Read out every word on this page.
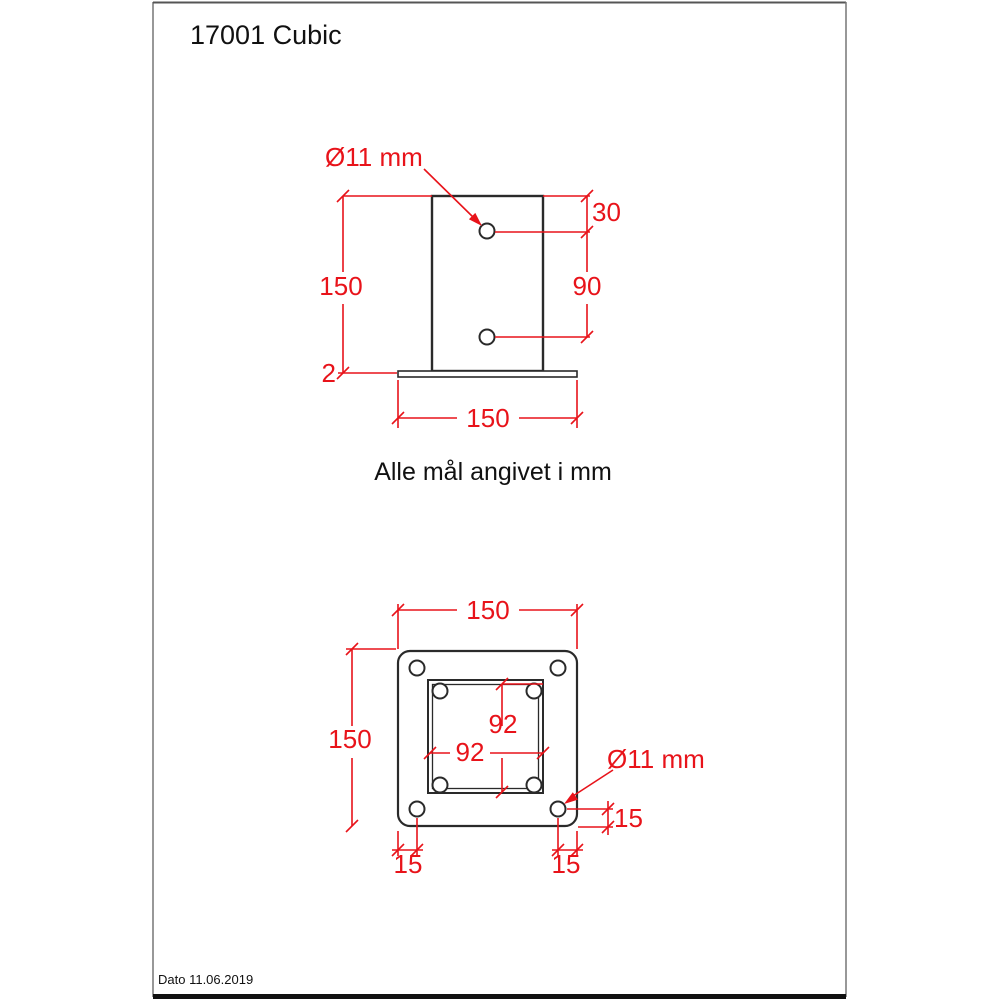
17001 Cubic
Ø11 mm
150
30
90
2
150
Alle mål angivet i mm
150
150	92
92	Ø11 mm
15
15	15
Dato 11.06.2019
